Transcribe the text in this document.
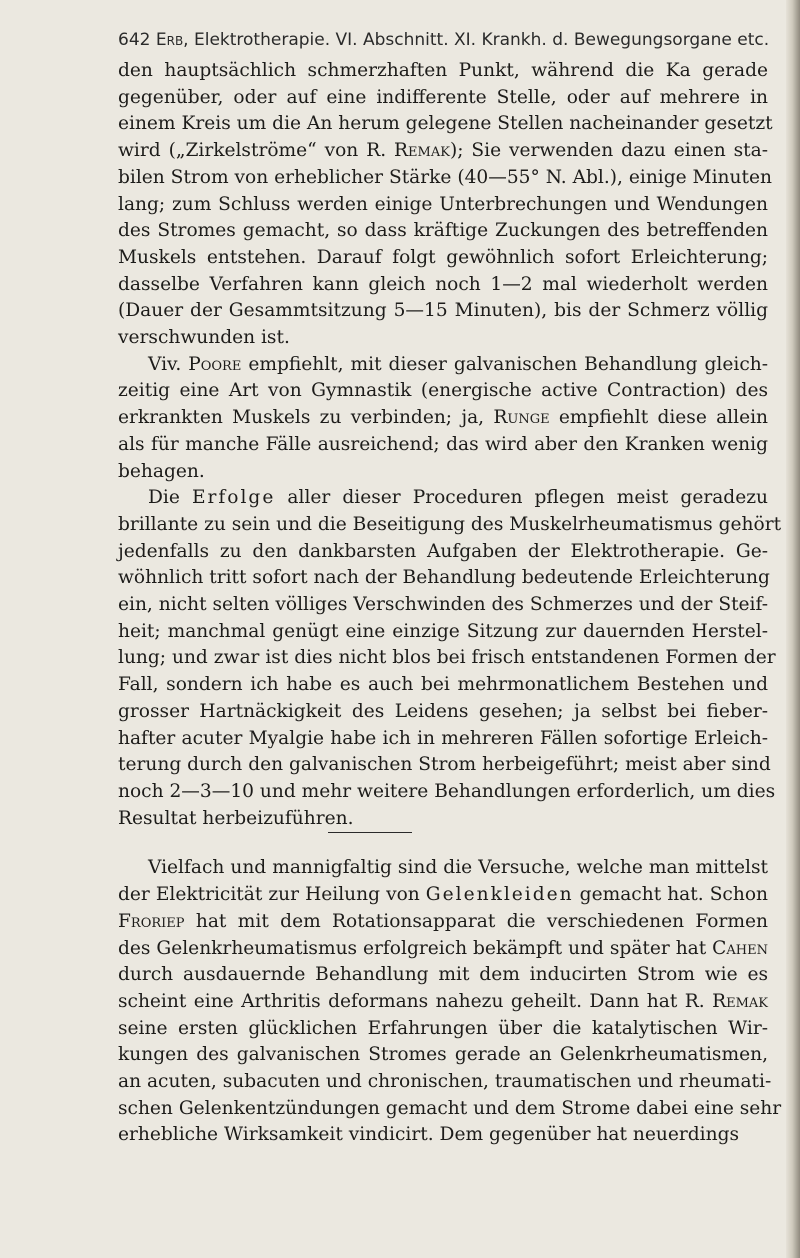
642 Erb, Elektrotherapie. VI. Abschnitt. XI. Krankh. d. Bewegungsorgane etc.

den hauptsächlich schmerzhaften Punkt, während die Ka gerade
gegenüber, oder auf eine indifferente Stelle, oder auf mehrere in
einem Kreis um die An herum gelegene Stellen nacheinander gesetzt
wird („Zirkelströme“ von R. Remak); Sie verwenden dazu einen sta-
bilen Strom von erheblicher Stärke (40—55° N. Abl.), einige Minuten
lang; zum Schluss werden einige Unterbrechungen und Wendungen
des Stromes gemacht, so dass kräftige Zuckungen des betreffenden
Muskels entstehen. Darauf folgt gewöhnlich sofort Erleichterung;
dasselbe Verfahren kann gleich noch 1—2 mal wiederholt werden
(Dauer der Gesammtsitzung 5—15 Minuten), bis der Schmerz völlig
verschwunden ist.

Viv. Poore empfiehlt, mit dieser galvanischen Behandlung gleich-
zeitig eine Art von Gymnastik (energische active Contraction) des
erkrankten Muskels zu verbinden; ja, Runge empfiehlt diese allein
als für manche Fälle ausreichend; das wird aber den Kranken wenig
behagen.

Die Erfolge aller dieser Proceduren pflegen meist geradezu
brillante zu sein und die Beseitigung des Muskelrheumatismus gehört
jedenfalls zu den dankbarsten Aufgaben der Elektrotherapie. Ge-
wöhnlich tritt sofort nach der Behandlung bedeutende Erleichterung
ein, nicht selten völliges Verschwinden des Schmerzes und der Steif-
heit; manchmal genügt eine einzige Sitzung zur dauernden Herstel-
lung; und zwar ist dies nicht blos bei frisch entstandenen Formen der
Fall, sondern ich habe es auch bei mehrmonatlichem Bestehen und
grosser Hartnäckigkeit des Leidens gesehen; ja selbst bei fieber-
hafter acuter Myalgie habe ich in mehreren Fällen sofortige Erleich-
terung durch den galvanischen Strom herbeigeführt; meist aber sind
noch 2—3—10 und mehr weitere Behandlungen erforderlich, um dies
Resultat herbeizuführen.

Vielfach und mannigfaltig sind die Versuche, welche man mittelst
der Elektricität zur Heilung von Gelenkleiden gemacht hat. Schon
Froriep hat mit dem Rotationsapparat die verschiedenen Formen
des Gelenkrheumatismus erfolgreich bekämpft und später hat Cahen
durch ausdauernde Behandlung mit dem inducirten Strom wie es
scheint eine Arthritis deformans nahezu geheilt. Dann hat R. Remak
seine ersten glücklichen Erfahrungen über die katalytischen Wir-
kungen des galvanischen Stromes gerade an Gelenkrheumatismen,
an acuten, subacuten und chronischen, traumatischen und rheumati-
schen Gelenkentzündungen gemacht und dem Strome dabei eine sehr
erhebliche Wirksamkeit vindicirt. Dem gegenüber hat neuerdings
